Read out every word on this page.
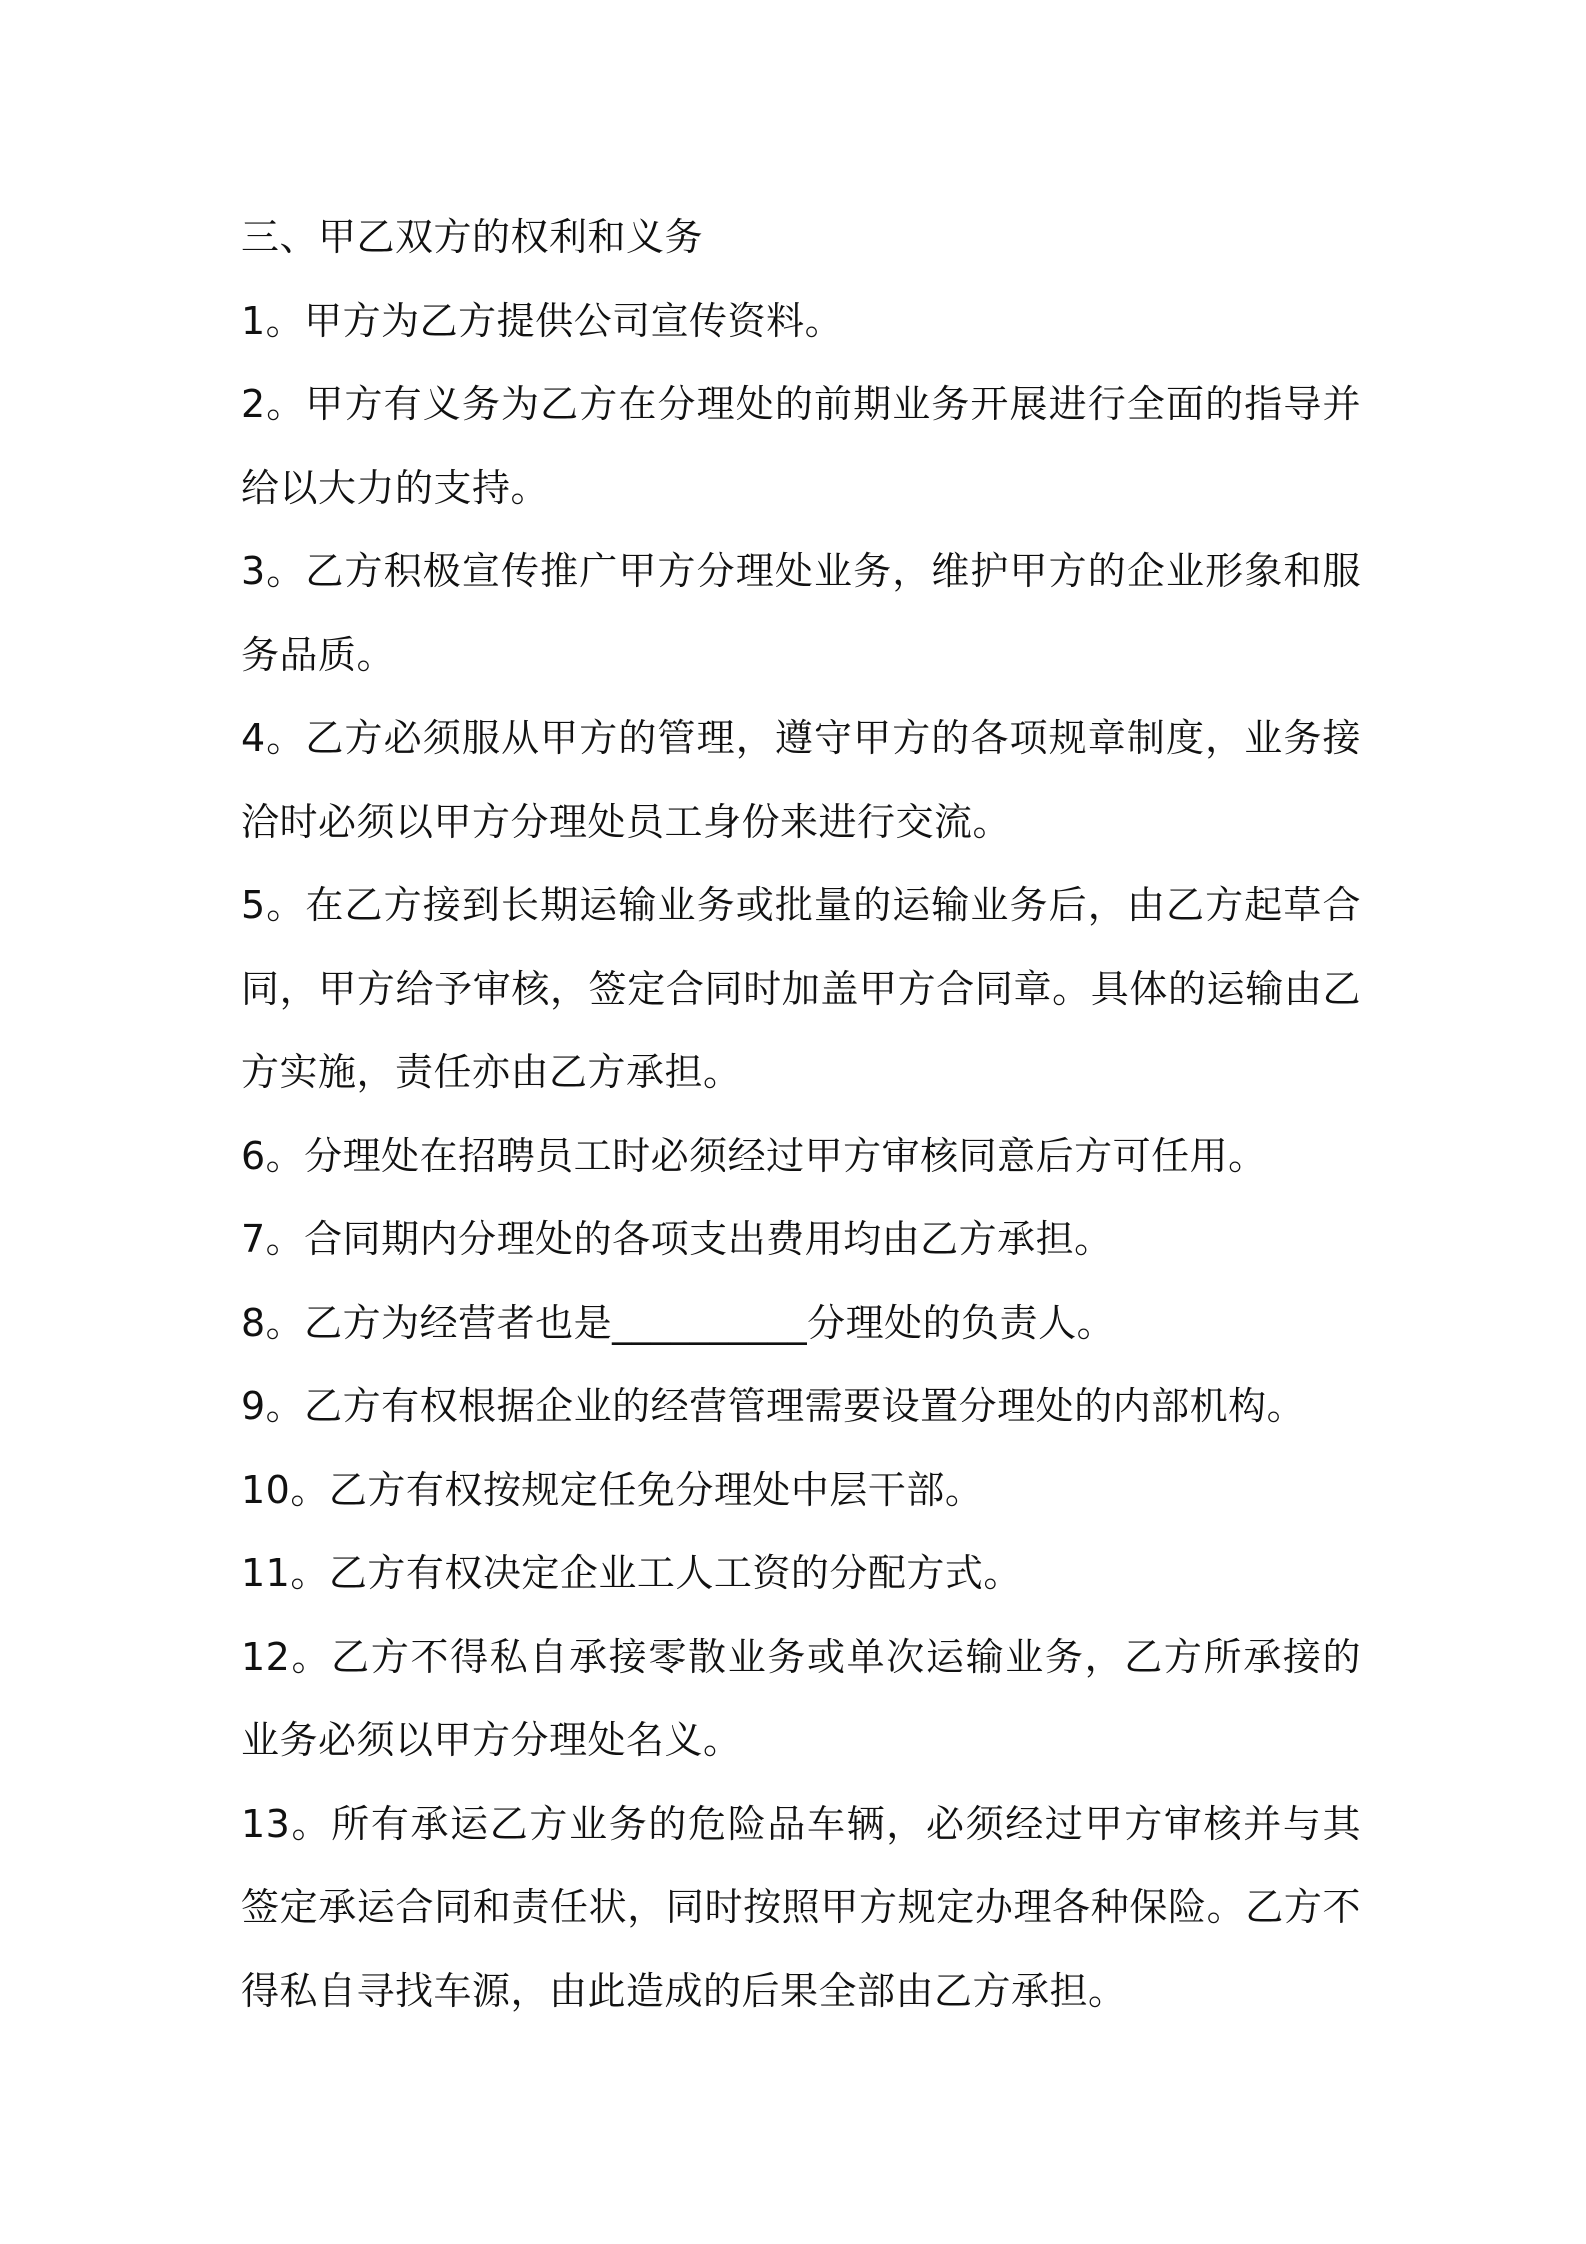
三、甲乙双方的权利和义务

1。甲方为乙方提供公司宣传资料。

2。甲方有义务为乙方在分理处的前期业务开展进行全面的指导并给以大力的支持。

3。乙方积极宣传推广甲方分理处业务，维护甲方的企业形象和服务品质。

4。乙方必须服从甲方的管理，遵守甲方的各项规章制度，业务接洽时必须以甲方分理处员工身份来进行交流。

5。在乙方接到长期运输业务或批量的运输业务后，由乙方起草合同，甲方给予审核，签定合同时加盖甲方合同章。具体的运输由乙方实施，责任亦由乙方承担。

6。分理处在招聘员工时必须经过甲方审核同意后方可任用。

7。合同期内分理处的各项支出费用均由乙方承担。

8。乙方为经营者也是__________分理处的负责人。

9。乙方有权根据企业的经营管理需要设置分理处的内部机构。

10。乙方有权按规定任免分理处中层干部。

11。乙方有权决定企业工人工资的分配方式。

12。乙方不得私自承接零散业务或单次运输业务，乙方所承接的业务必须以甲方分理处名义。

13。所有承运乙方业务的危险品车辆，必须经过甲方审核并与其签定承运合同和责任状，同时按照甲方规定办理各种保险。乙方不得私自寻找车源，由此造成的后果全部由乙方承担。
